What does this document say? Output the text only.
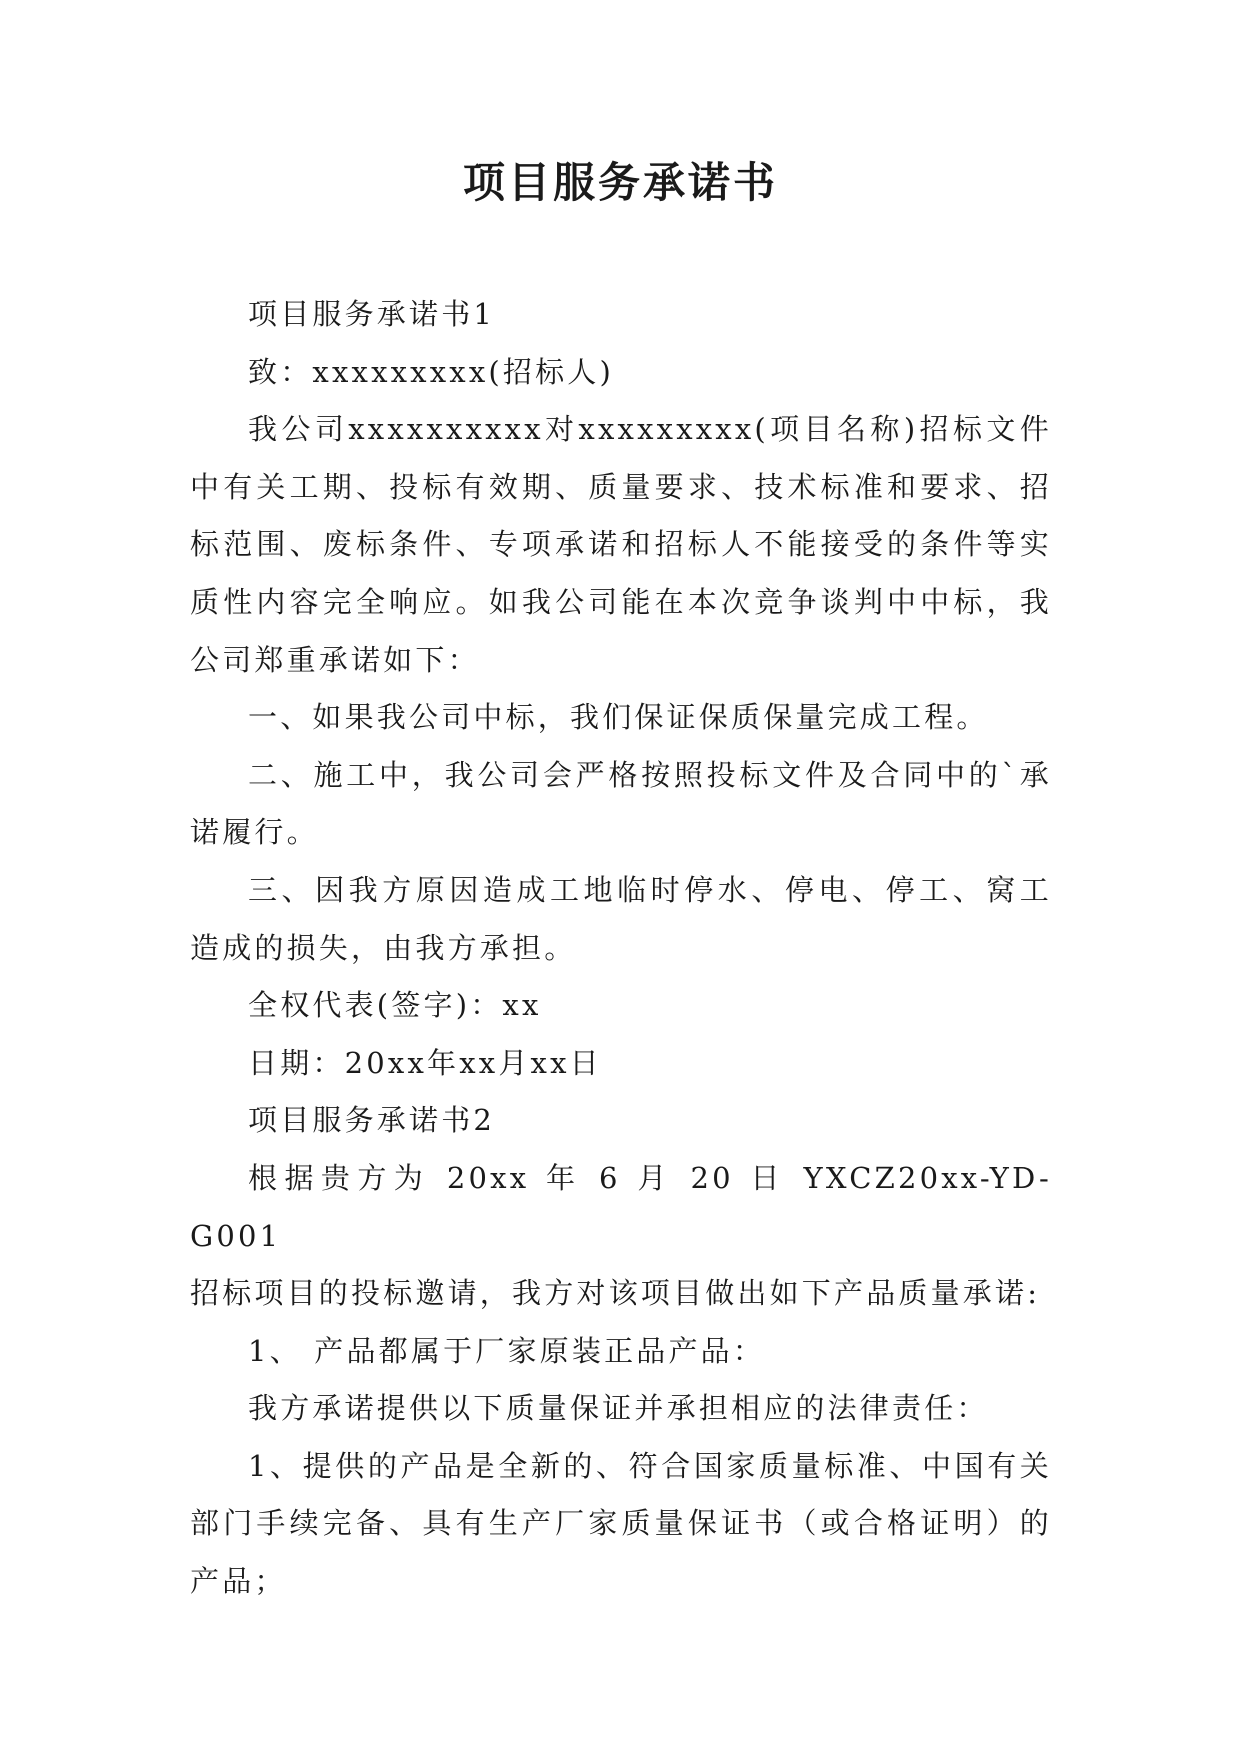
项目服务承诺书

项目服务承诺书1

致：xxxxxxxxx(招标人)

我公司xxxxxxxxxx对xxxxxxxxx(项目名称)招标文件中有关工期、投标有效期、质量要求、技术标准和要求、招标范围、废标条件、专项承诺和招标人不能接受的条件等实质性内容完全响应。如我公司能在本次竞争谈判中中标，我公司郑重承诺如下：

一、如果我公司中标，我们保证保质保量完成工程。

二、施工中，我公司会严格按照投标文件及合同中的`承诺履行。

三、因我方原因造成工地临时停水、停电、停工、窝工造成的损失，由我方承担。

全权代表(签字)：xx

日期：20xx年xx月xx日

项目服务承诺书2

根据贵方为 20xx 年 6 月 20 日 YXCZ20xx-YD-G001

招标项目的投标邀请，我方对该项目做出如下产品质量承诺:

1、 产品都属于厂家原装正品产品：

我方承诺提供以下质量保证并承担相应的法律责任：

1、提供的产品是全新的、符合国家质量标准、中国有关部门手续完备、具有生产厂家质量保证书（或合格证明）的产品；
